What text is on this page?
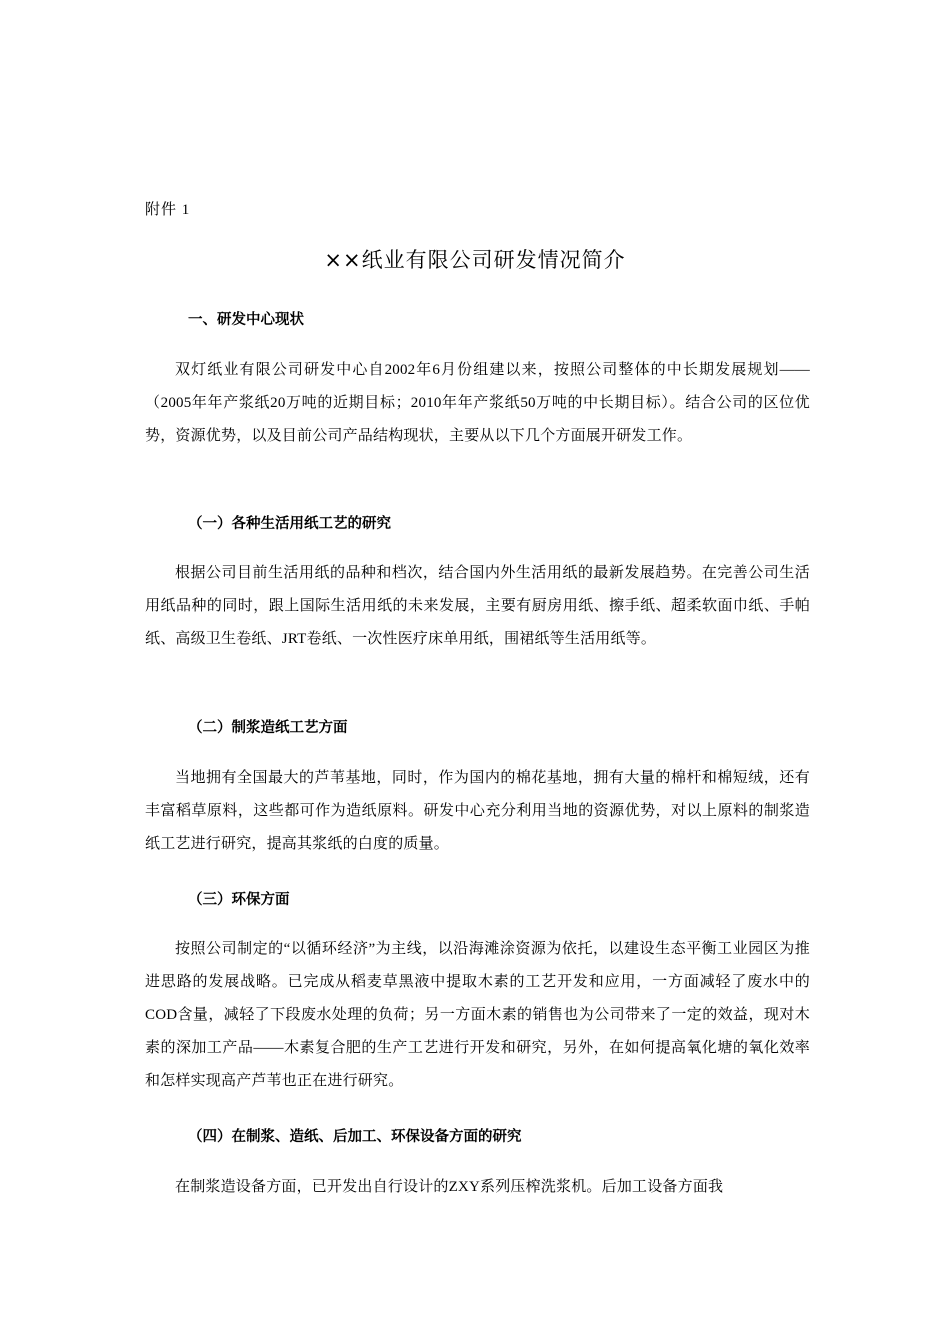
附件 1
××纸业有限公司研发情况简介
一、研发中心现状
双灯纸业有限公司研发中心自2002年6月份组建以来，按照公司整体的中长期发展规划——（2005年年产浆纸20万吨的近期目标；2010年年产浆纸50万吨的中长期目标）。结合公司的区位优势，资源优势，以及目前公司产品结构现状，主要从以下几个方面展开研发工作。
（一）各种生活用纸工艺的研究
根据公司目前生活用纸的品种和档次，结合国内外生活用纸的最新发展趋势。在完善公司生活用纸品种的同时，跟上国际生活用纸的未来发展，主要有厨房用纸、擦手纸、超柔软面巾纸、手帕纸、高级卫生卷纸、JRT卷纸、一次性医疗床单用纸，围裙纸等生活用纸等。
（二）制浆造纸工艺方面
当地拥有全国最大的芦苇基地，同时，作为国内的棉花基地，拥有大量的棉杆和棉短绒，还有丰富稻草原料，这些都可作为造纸原料。研发中心充分利用当地的资源优势，对以上原料的制浆造纸工艺进行研究，提高其浆纸的白度的质量。
（三）环保方面
按照公司制定的“以循环经济”为主线，以沿海滩涂资源为依托，以建设生态平衡工业园区为推进思路的发展战略。已完成从稻麦草黑液中提取木素的工艺开发和应用，一方面减轻了废水中的COD含量，减轻了下段废水处理的负荷；另一方面木素的销售也为公司带来了一定的效益，现对木素的深加工产品——木素复合肥的生产工艺进行开发和研究，另外，在如何提高氧化塘的氧化效率和怎样实现高产芦苇也正在进行研究。
（四）在制浆、造纸、后加工、环保设备方面的研究
在制浆造设备方面，已开发出自行设计的ZXY系列压榨洗浆机。后加工设备方面我
